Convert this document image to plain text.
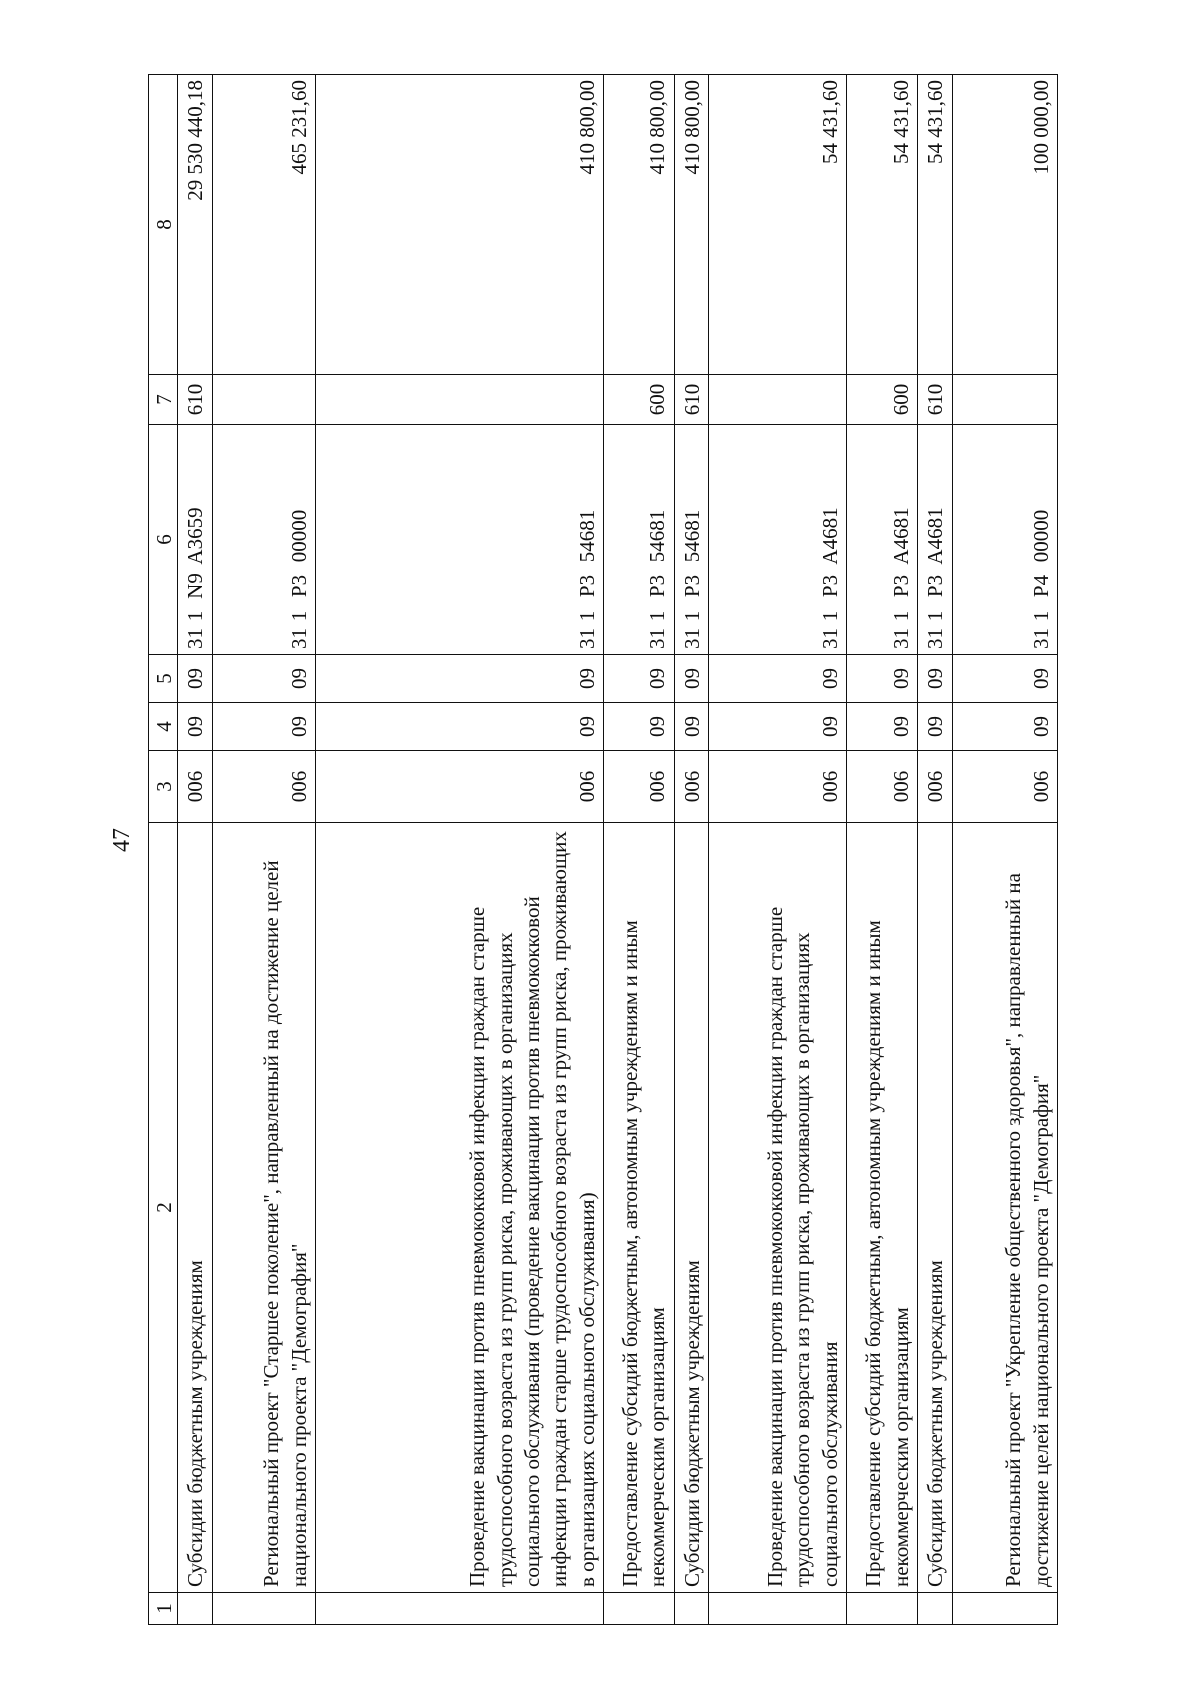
47
1	2	3	4	5	6	7	8
	Субсидии бюджетным учреждениям	006	09	09	311N9A3659	610	29 530 440,18
	Региональный проект "Старшее поколение", направленный на достижение целей национального проекта "Демография"	006	09	09	311P300000		465 231,60
	Проведение вакцинации против пневмококковой инфекции граждан старше трудоспособного возраста из групп риска, проживающих в организациях социального обслуживания (проведение вакцинации против пневмококковой инфекции граждан старше трудоспособного возраста из групп риска, проживающих в организациях социального обслуживания)	006	09	09	311P354681		410 800,00
	Предоставление субсидий бюджетным, автономным учреждениям и иным некоммерческим организациям	006	09	09	311P354681	600	410 800,00
	Субсидии бюджетным учреждениям	006	09	09	311P354681	610	410 800,00
	Проведение вакцинации против пневмококковой инфекции граждан старше трудоспособного возраста из групп риска, проживающих в организациях социального обслуживания	006	09	09	311P3A4681		54 431,60
	Предоставление субсидий бюджетным, автономным учреждениям и иным некоммерческим организациям	006	09	09	311P3A4681	600	54 431,60
	Субсидии бюджетным учреждениям	006	09	09	311P3A4681	610	54 431,60
	Региональный проект "Укрепление общественного здоровья", направленный на достижение целей национального проекта "Демография"	006	09	09	311P400000		100 000,00
